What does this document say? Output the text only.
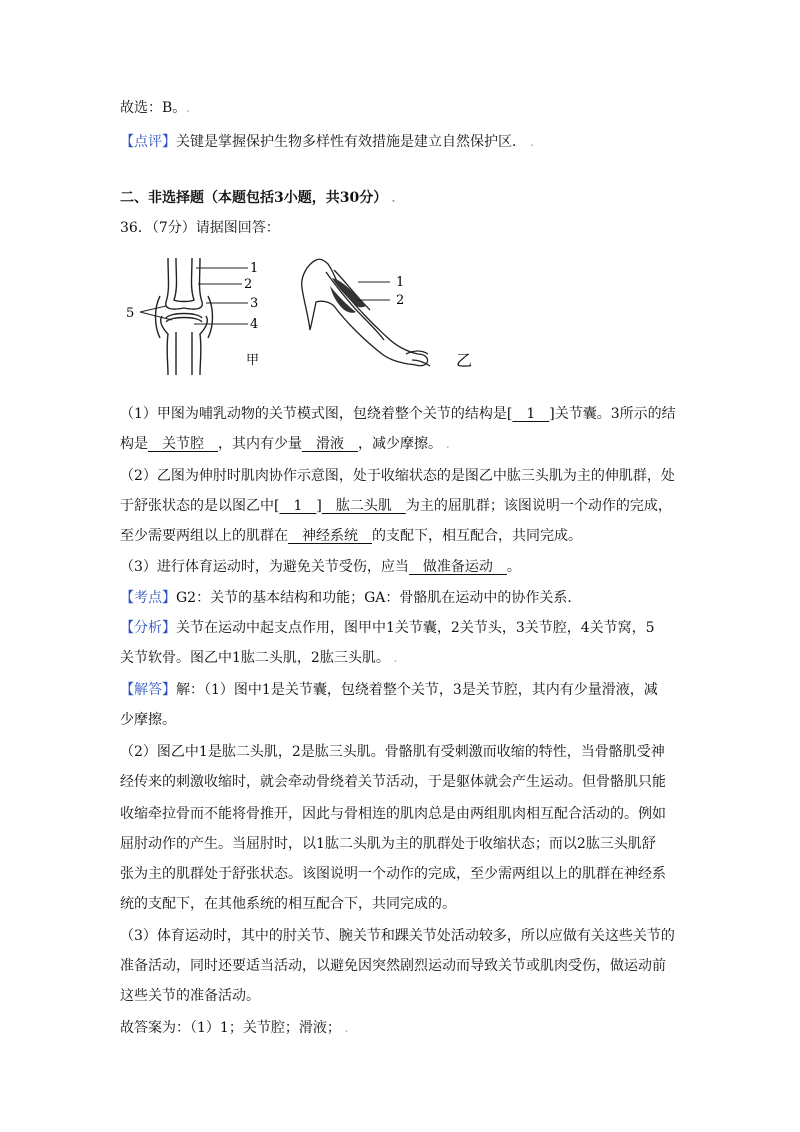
故选：B。.
【点评】关键是掌握保护生物多样性有效措施是建立自然保护区． .
二、非选择题（本题包括3小题，共30分） .
36．（7分）请据图回答：
1
2
3
4
5
甲
1
2
乙
（1）甲图为哺乳动物的关节模式图，包绕着整个关节的结构是[　1　]关节囊。3所示的结
构是　关节腔　，其内有少量　滑液　，减少摩擦。 .
（2）乙图为伸肘时肌肉协作示意图，处于收缩状态的是图乙中肱三头肌为主的伸肌群，处
于舒张状态的是以图乙中[　1　]　肱二头肌　为主的屈肌群；该图说明一个动作的完成，
至少需要两组以上的肌群在　神经系统　的支配下，相互配合，共同完成。
（3）进行体育运动时，为避免关节受伤，应当　做准备运动　。
【考点】G2：关节的基本结构和功能；GA：骨骼肌在运动中的协作关系．
【分析】关节在运动中起支点作用，图甲中1关节囊，2关节头，3关节腔，4关节窝，5
关节软骨。图乙中1肱二头肌，2肱三头肌。 .
【解答】解：（1）图中1是关节囊，包绕着整个关节，3是关节腔，其内有少量滑液，减
少摩擦。
（2）图乙中1是肱二头肌，2是肱三头肌。骨骼肌有受刺激而收缩的特性，当骨骼肌受神
经传来的刺激收缩时，就会牵动骨绕着关节活动，于是躯体就会产生运动。但骨骼肌只能
收缩牵拉骨而不能将骨推开，因此与骨相连的肌肉总是由两组肌肉相互配合活动的。例如
屈肘动作的产生。当屈肘时，以1肱二头肌为主的肌群处于收缩状态；而以2肱三头肌舒
张为主的肌群处于舒张状态。该图说明一个动作的完成，至少需两组以上的肌群在神经系
统的支配下，在其他系统的相互配合下，共同完成的。
（3）体育运动时，其中的肘关节、腕关节和踝关节处活动较多，所以应做有关这些关节的
准备活动，同时还要适当活动，以避免因突然剧烈运动而导致关节或肌肉受伤，做运动前
这些关节的准备活动。
故答案为：（1）1；关节腔；滑液； .
